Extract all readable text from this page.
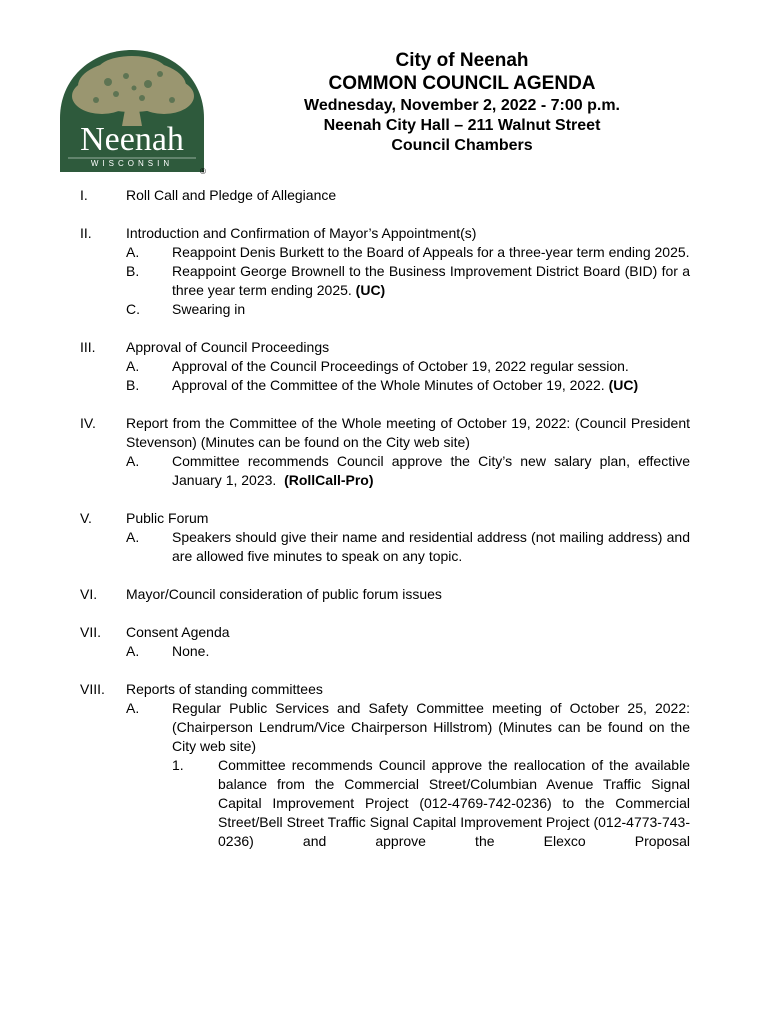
Neenah
WISCONSIN
®
City of Neenah
COMMON COUNCIL AGENDA
Wednesday, November 2, 2022 - 7:00 p.m.
Neenah City Hall – 211 Walnut Street
Council Chambers
I.	Roll Call and Pledge of Allegiance

II. Introduction and Confirmation of Mayor’s Appointment(s)

A. Reappoint Denis Burkett to the Board of Appeals for a three-year term ending 2025.

B. Reappoint George Brownell to the Business Improvement District Board (BID) for a three year term ending 2025. (UC)

C. Swearing in

III. Approval of Council Proceedings

A. Approval of the Council Proceedings of October 19, 2022 regular session.

B. Approval of the Committee of the Whole Minutes of October 19, 2022. (UC)

IV. Report from the Committee of the Whole meeting of October 19, 2022: (Council President Stevenson) (Minutes can be found on the City web site)

A. Committee recommends Council approve the City’s new salary plan, effective January 1, 2023. (RollCall-Pro)

V. Public Forum

A. Speakers should give their name and residential address (not mailing address) and are allowed five minutes to speak on any topic.

VI. Mayor/Council consideration of public forum issues

VII. Consent Agenda

A. None.

VIII. Reports of standing committees

A. Regular Public Services and Safety Committee meeting of October 25, 2022: (Chairperson Lendrum/Vice Chairperson Hillstrom) (Minutes can be found on the City web site)

1. Committee recommends Council approve the reallocation of the available balance from the Commercial Street/Columbian Avenue Traffic Signal Capital Improvement Project (012-4769-742-0236) to the Commercial Street/Bell Street Traffic Signal Capital Improvement Project (012-4773-743-0236) and approve the Elexco Proposal
